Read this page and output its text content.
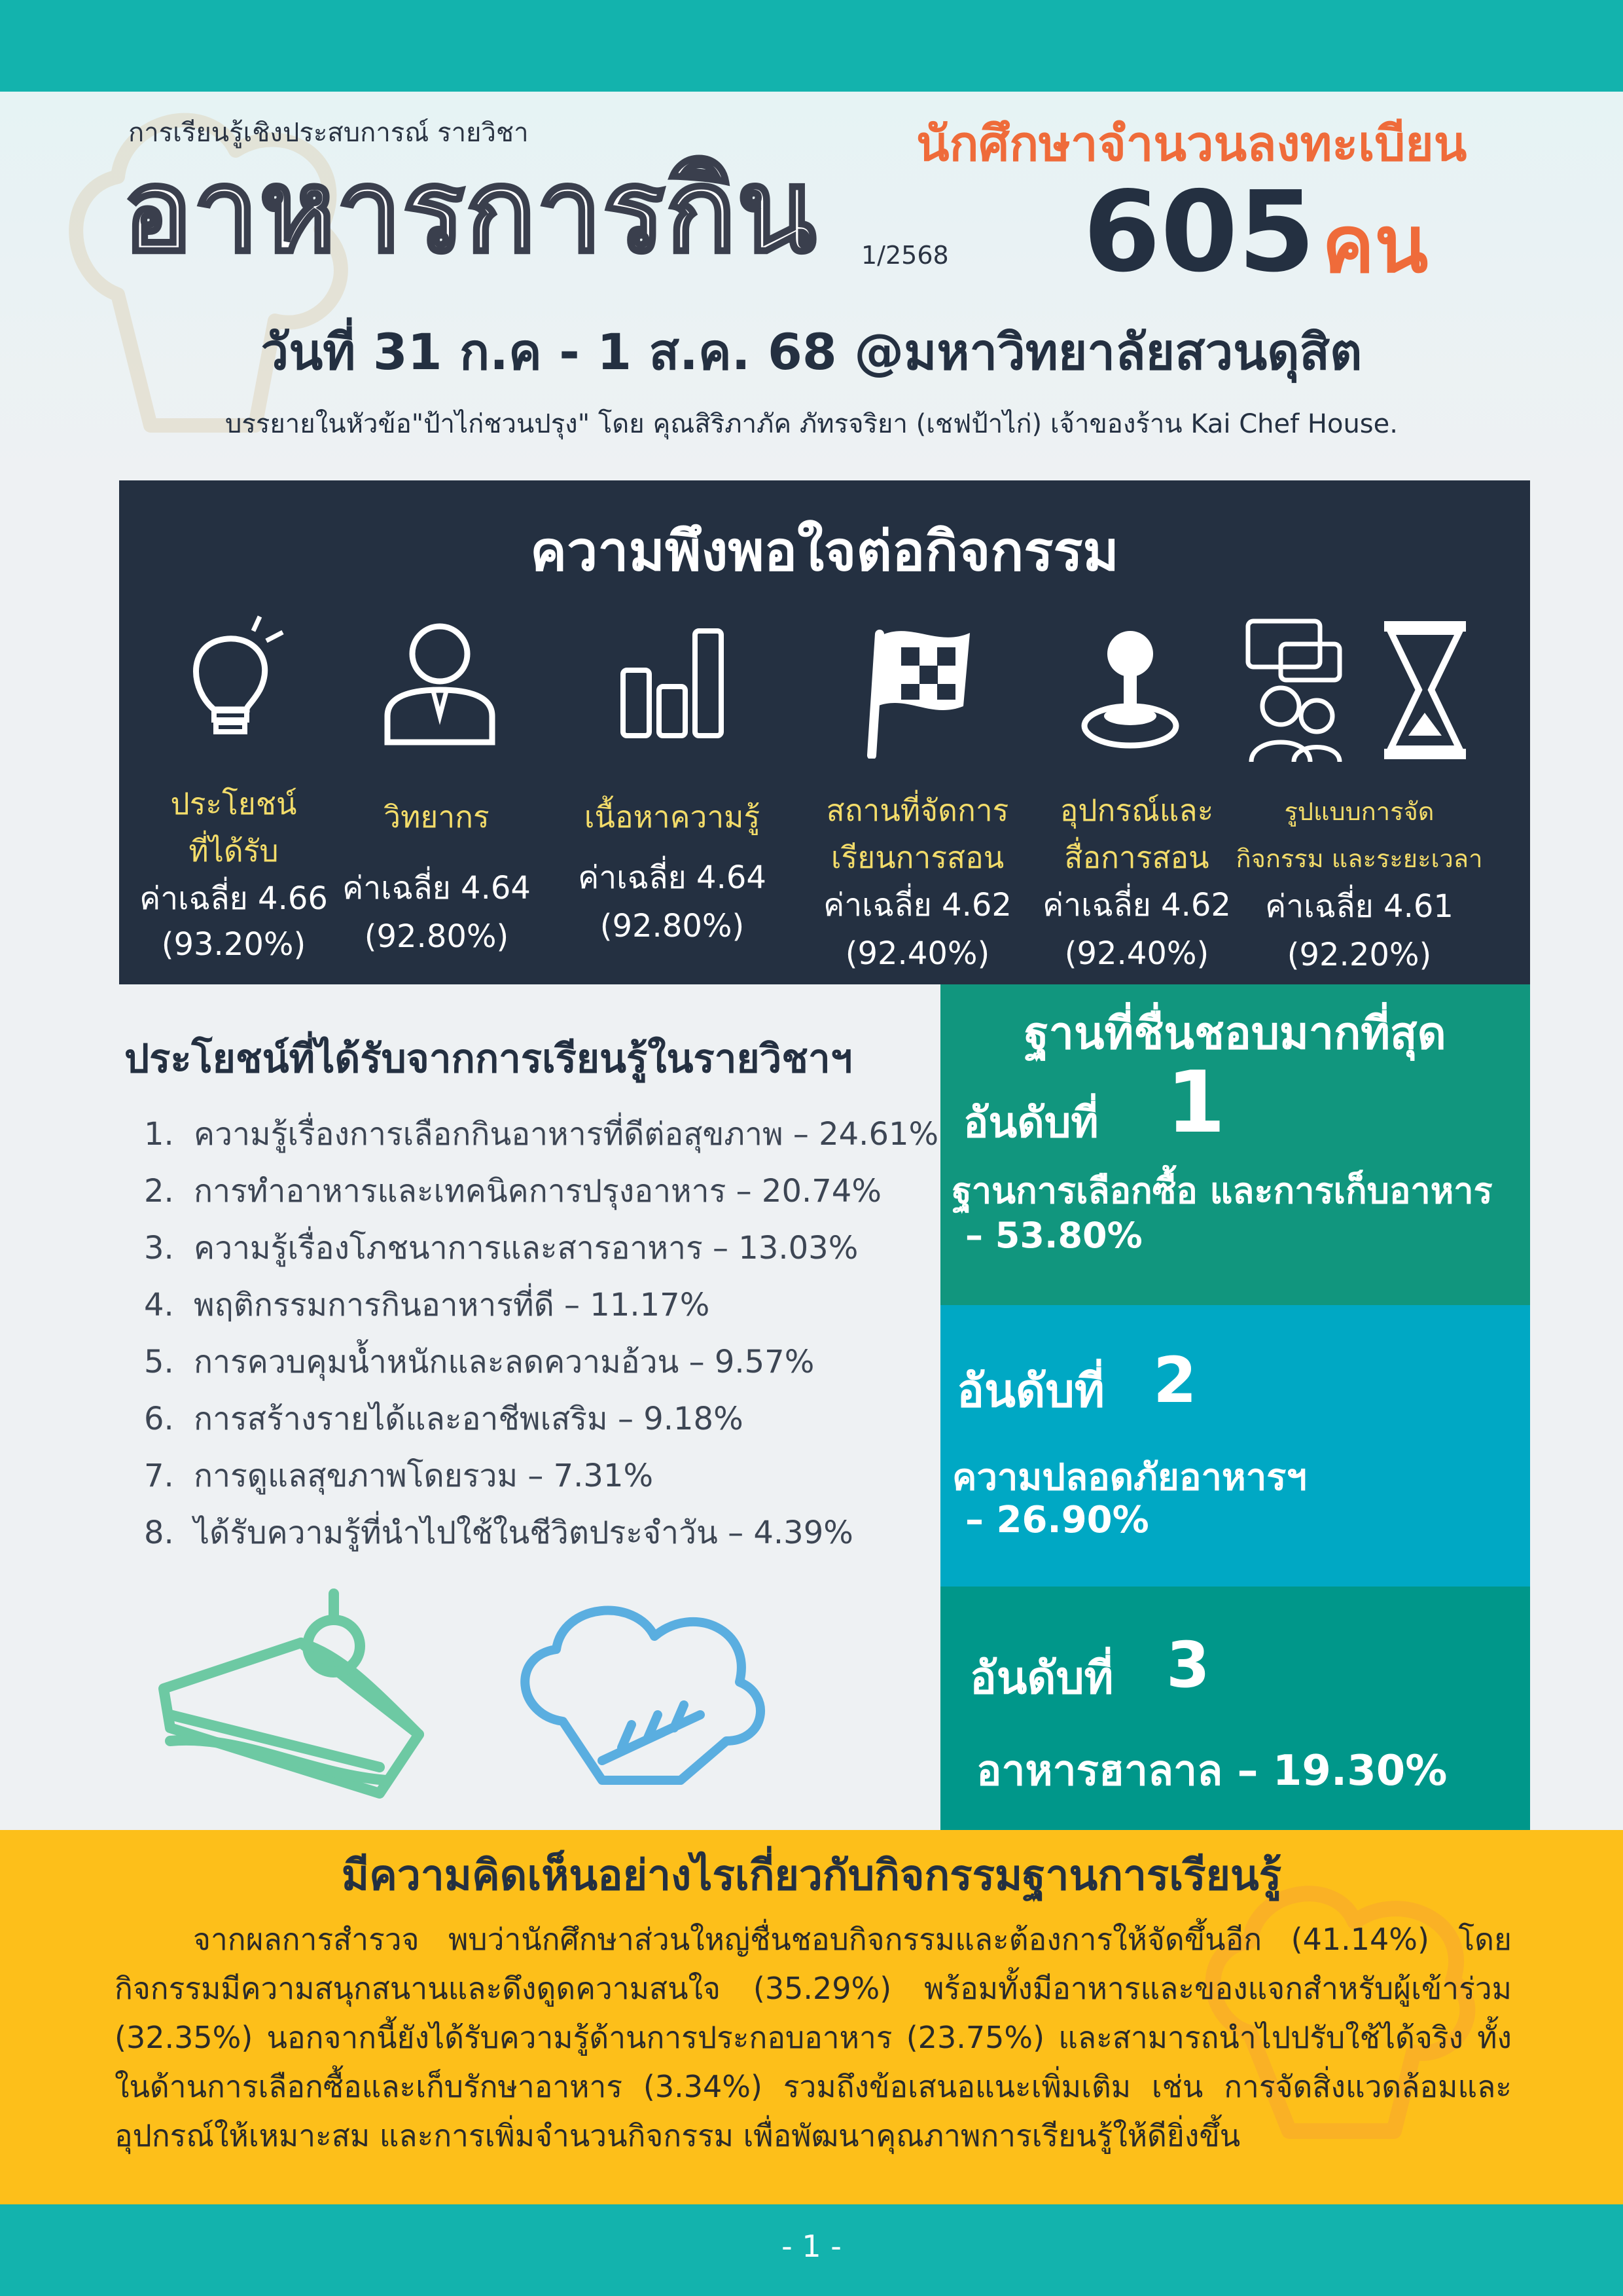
การเรียนรู้เชิงประสบการณ์ รายวิชา
อาหารการกิน 1/2568
นักศึกษาจำนวนลงทะเบียน
605 คน
วันที่ 31 ก.ค - 1 ส.ค. 68 @มหาวิทยาลัยสวนดุสิต
บรรยายในหัวข้อ"ป้าไก่ชวนปรุง" โดย คุณสิริภาภัค ภัทรจริยา (เชฟป้าไก่) เจ้าของร้าน Kai Chef House.
ความพึงพอใจต่อกิจกรรม
ประโยชน์
ที่ได้รับ
ค่าเฉลี่ย 4.66
(93.20%)
วิทยากร
ค่าเฉลี่ย 4.64
(92.80%)
เนื้อหาความรู้
ค่าเฉลี่ย 4.64
(92.80%)
สถานที่จัดการ
เรียนการสอน
ค่าเฉลี่ย 4.62
(92.40%)
อุปกรณ์และ
สื่อการสอน
ค่าเฉลี่ย 4.62
(92.40%)
รูปแบบการจัด
กิจกรรม และระยะเวลา
ค่าเฉลี่ย 4.61
(92.20%)
ประโยชน์ที่ได้รับจากการเรียนรู้ในรายวิชาฯ
1. ความรู้เรื่องการเลือกกินอาหารที่ดีต่อสุขภาพ – 24.61%
2. การทำอาหารและเทคนิคการปรุงอาหาร – 20.74%
3. ความรู้เรื่องโภชนาการและสารอาหาร – 13.03%
4. พฤติกรรมการกินอาหารที่ดี – 11.17%
5. การควบคุมน้ำหนักและลดความอ้วน – 9.57%
6. การสร้างรายได้และอาชีพเสริม – 9.18%
7. การดูแลสุขภาพโดยรวม – 7.31%
8. ได้รับความรู้ที่นำไปใช้ในชีวิตประจำวัน – 4.39%
ฐานที่ชื่นชอบมากที่สุด
อันดับที่ 1
ฐานการเลือกซื้อ และการเก็บอาหาร
– 53.80%
อันดับที่ 2
ความปลอดภัยอาหารฯ
– 26.90%
อันดับที่ 3
อาหารฮาลาล – 19.30%
มีความคิดเห็นอย่างไรเกี่ยวกับกิจกรรมฐานการเรียนรู้
จากผลการสำรวจ พบว่านักศึกษาส่วนใหญ่ชื่นชอบกิจกรรมและต้องการให้จัดขึ้นอีก (41.14%) โดยกิจกรรมมีความสนุกสนานและดึงดูดความสนใจ (35.29%) พร้อมทั้งมีอาหารและของแจกสำหรับผู้เข้าร่วม (32.35%) นอกจากนี้ยังได้รับความรู้ด้านการประกอบอาหาร (23.75%) และสามารถนำไปปรับใช้ได้จริง ทั้งในด้านการเลือกซื้อและเก็บรักษาอาหาร (3.34%) รวมถึงข้อเสนอแนะเพิ่มเติม เช่น การจัดสิ่งแวดล้อมและอุปกรณ์ให้เหมาะสม และการเพิ่มจำนวนกิจกรรม เพื่อพัฒนาคุณภาพการเรียนรู้ให้ดียิ่งขึ้น
- 1 -
